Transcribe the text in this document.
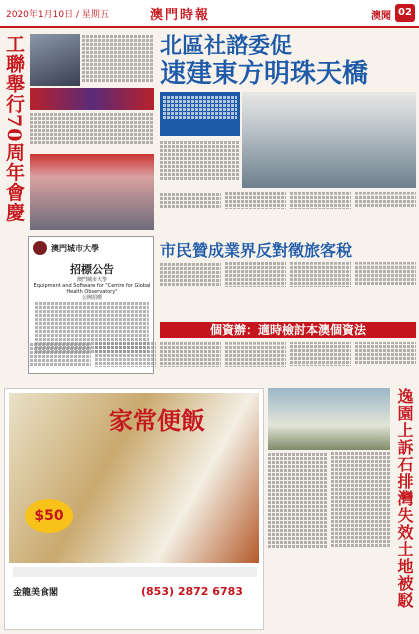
2020年1月10日 / 星期五	澳門時報	澳聞 02
工聯舉行70周年會慶
澳門城市大學
招標公告
澳門城市大學
Equipment and Software for "Centre for Global Health Observatory"
公開招標
北區社諮委促
速建東方明珠天橋
市民贊成業界反對徵旅客稅
個資辦：適時檢討本澳個資法
家常便飯
$50
金龍美食閣	(853) 2872 6783
逸園上訴石排灣失效土地被駁
